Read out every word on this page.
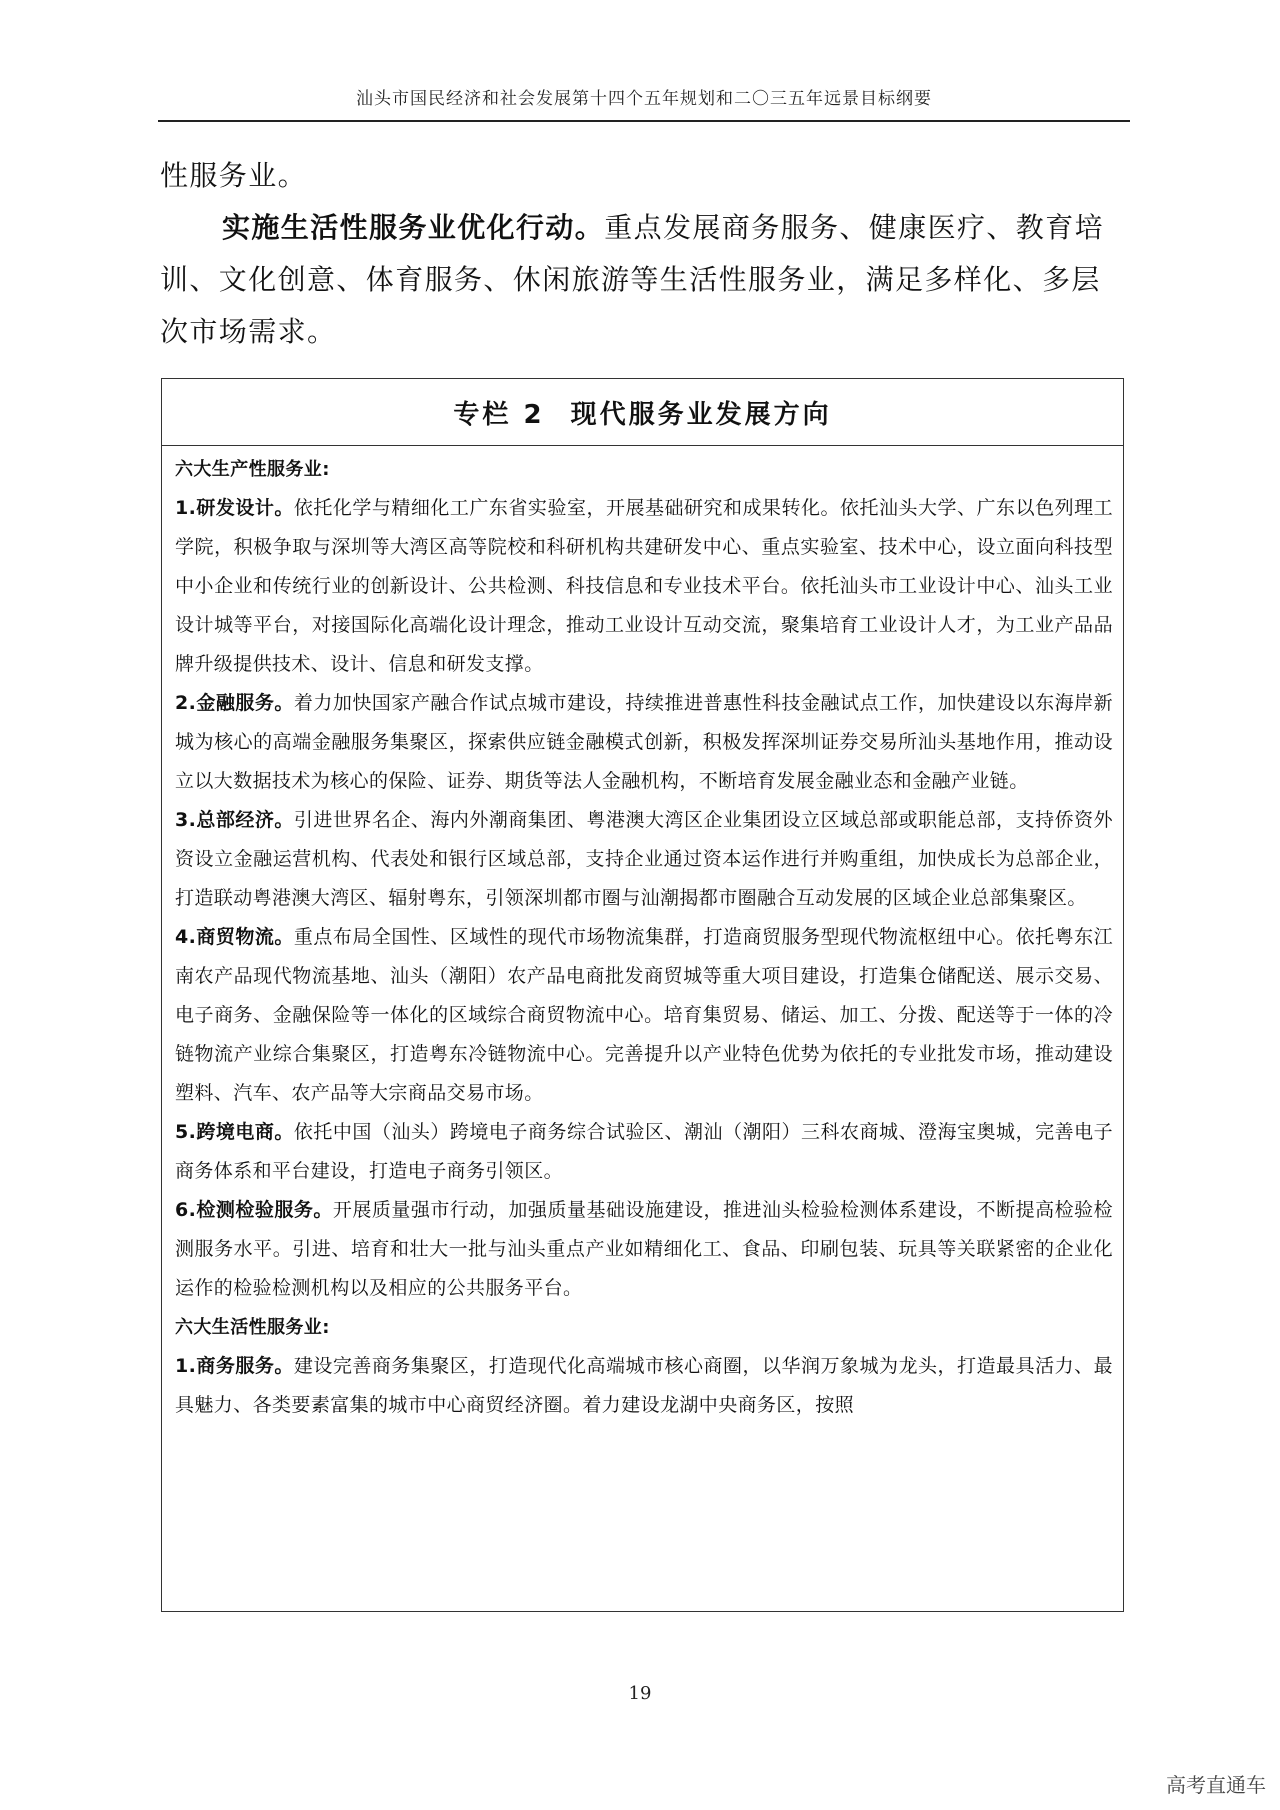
汕头市国民经济和社会发展第十四个五年规划和二〇三五年远景目标纲要

性服务业。

实施生活性服务业优化行动。重点发展商务服务、健康医疗、教育培训、文化创意、体育服务、休闲旅游等生活性服务业，满足多样化、多层次市场需求。

专栏 2 现代服务业发展方向

六大生产性服务业:

1.研发设计。依托化学与精细化工广东省实验室，开展基础研究和成果转化。依托汕头大学、广东以色列理工学院，积极争取与深圳等大湾区高等院校和科研机构共建研发中心、重点实验室、技术中心，设立面向科技型中小企业和传统行业的创新设计、公共检测、科技信息和专业技术平台。依托汕头市工业设计中心、汕头工业设计城等平台，对接国际化高端化设计理念，推动工业设计互动交流，聚集培育工业设计人才，为工业产品品牌升级提供技术、设计、信息和研发支撑。

2.金融服务。着力加快国家产融合作试点城市建设，持续推进普惠性科技金融试点工作，加快建设以东海岸新城为核心的高端金融服务集聚区，探索供应链金融模式创新，积极发挥深圳证券交易所汕头基地作用，推动设立以大数据技术为核心的保险、证券、期货等法人金融机构，不断培育发展金融业态和金融产业链。

3.总部经济。引进世界名企、海内外潮商集团、粤港澳大湾区企业集团设立区域总部或职能总部，支持侨资外资设立金融运营机构、代表处和银行区域总部，支持企业通过资本运作进行并购重组，加快成长为总部企业，打造联动粤港澳大湾区、辐射粤东，引领深圳都市圈与汕潮揭都市圈融合互动发展的区域企业总部集聚区。

4.商贸物流。重点布局全国性、区域性的现代市场物流集群，打造商贸服务型现代物流枢纽中心。依托粤东江南农产品现代物流基地、汕头（潮阳）农产品电商批发商贸城等重大项目建设，打造集仓储配送、展示交易、电子商务、金融保险等一体化的区域综合商贸物流中心。培育集贸易、储运、加工、分拨、配送等于一体的冷链物流产业综合集聚区，打造粤东冷链物流中心。完善提升以产业特色优势为依托的专业批发市场，推动建设塑料、汽车、农产品等大宗商品交易市场。

5.跨境电商。依托中国（汕头）跨境电子商务综合试验区、潮汕（潮阳）三科农商城、澄海宝奥城，完善电子商务体系和平台建设，打造电子商务引领区。

6.检测检验服务。开展质量强市行动，加强质量基础设施建设，推进汕头检验检测体系建设，不断提高检验检测服务水平。引进、培育和壮大一批与汕头重点产业如精细化工、食品、印刷包装、玩具等关联紧密的企业化运作的检验检测机构以及相应的公共服务平台。

六大生活性服务业:

1.商务服务。建设完善商务集聚区，打造现代化高端城市核心商圈，以华润万象城为龙头，打造最具活力、最具魅力、各类要素富集的城市中心商贸经济圈。着力建设龙湖中央商务区，按照

19
高考直通车
